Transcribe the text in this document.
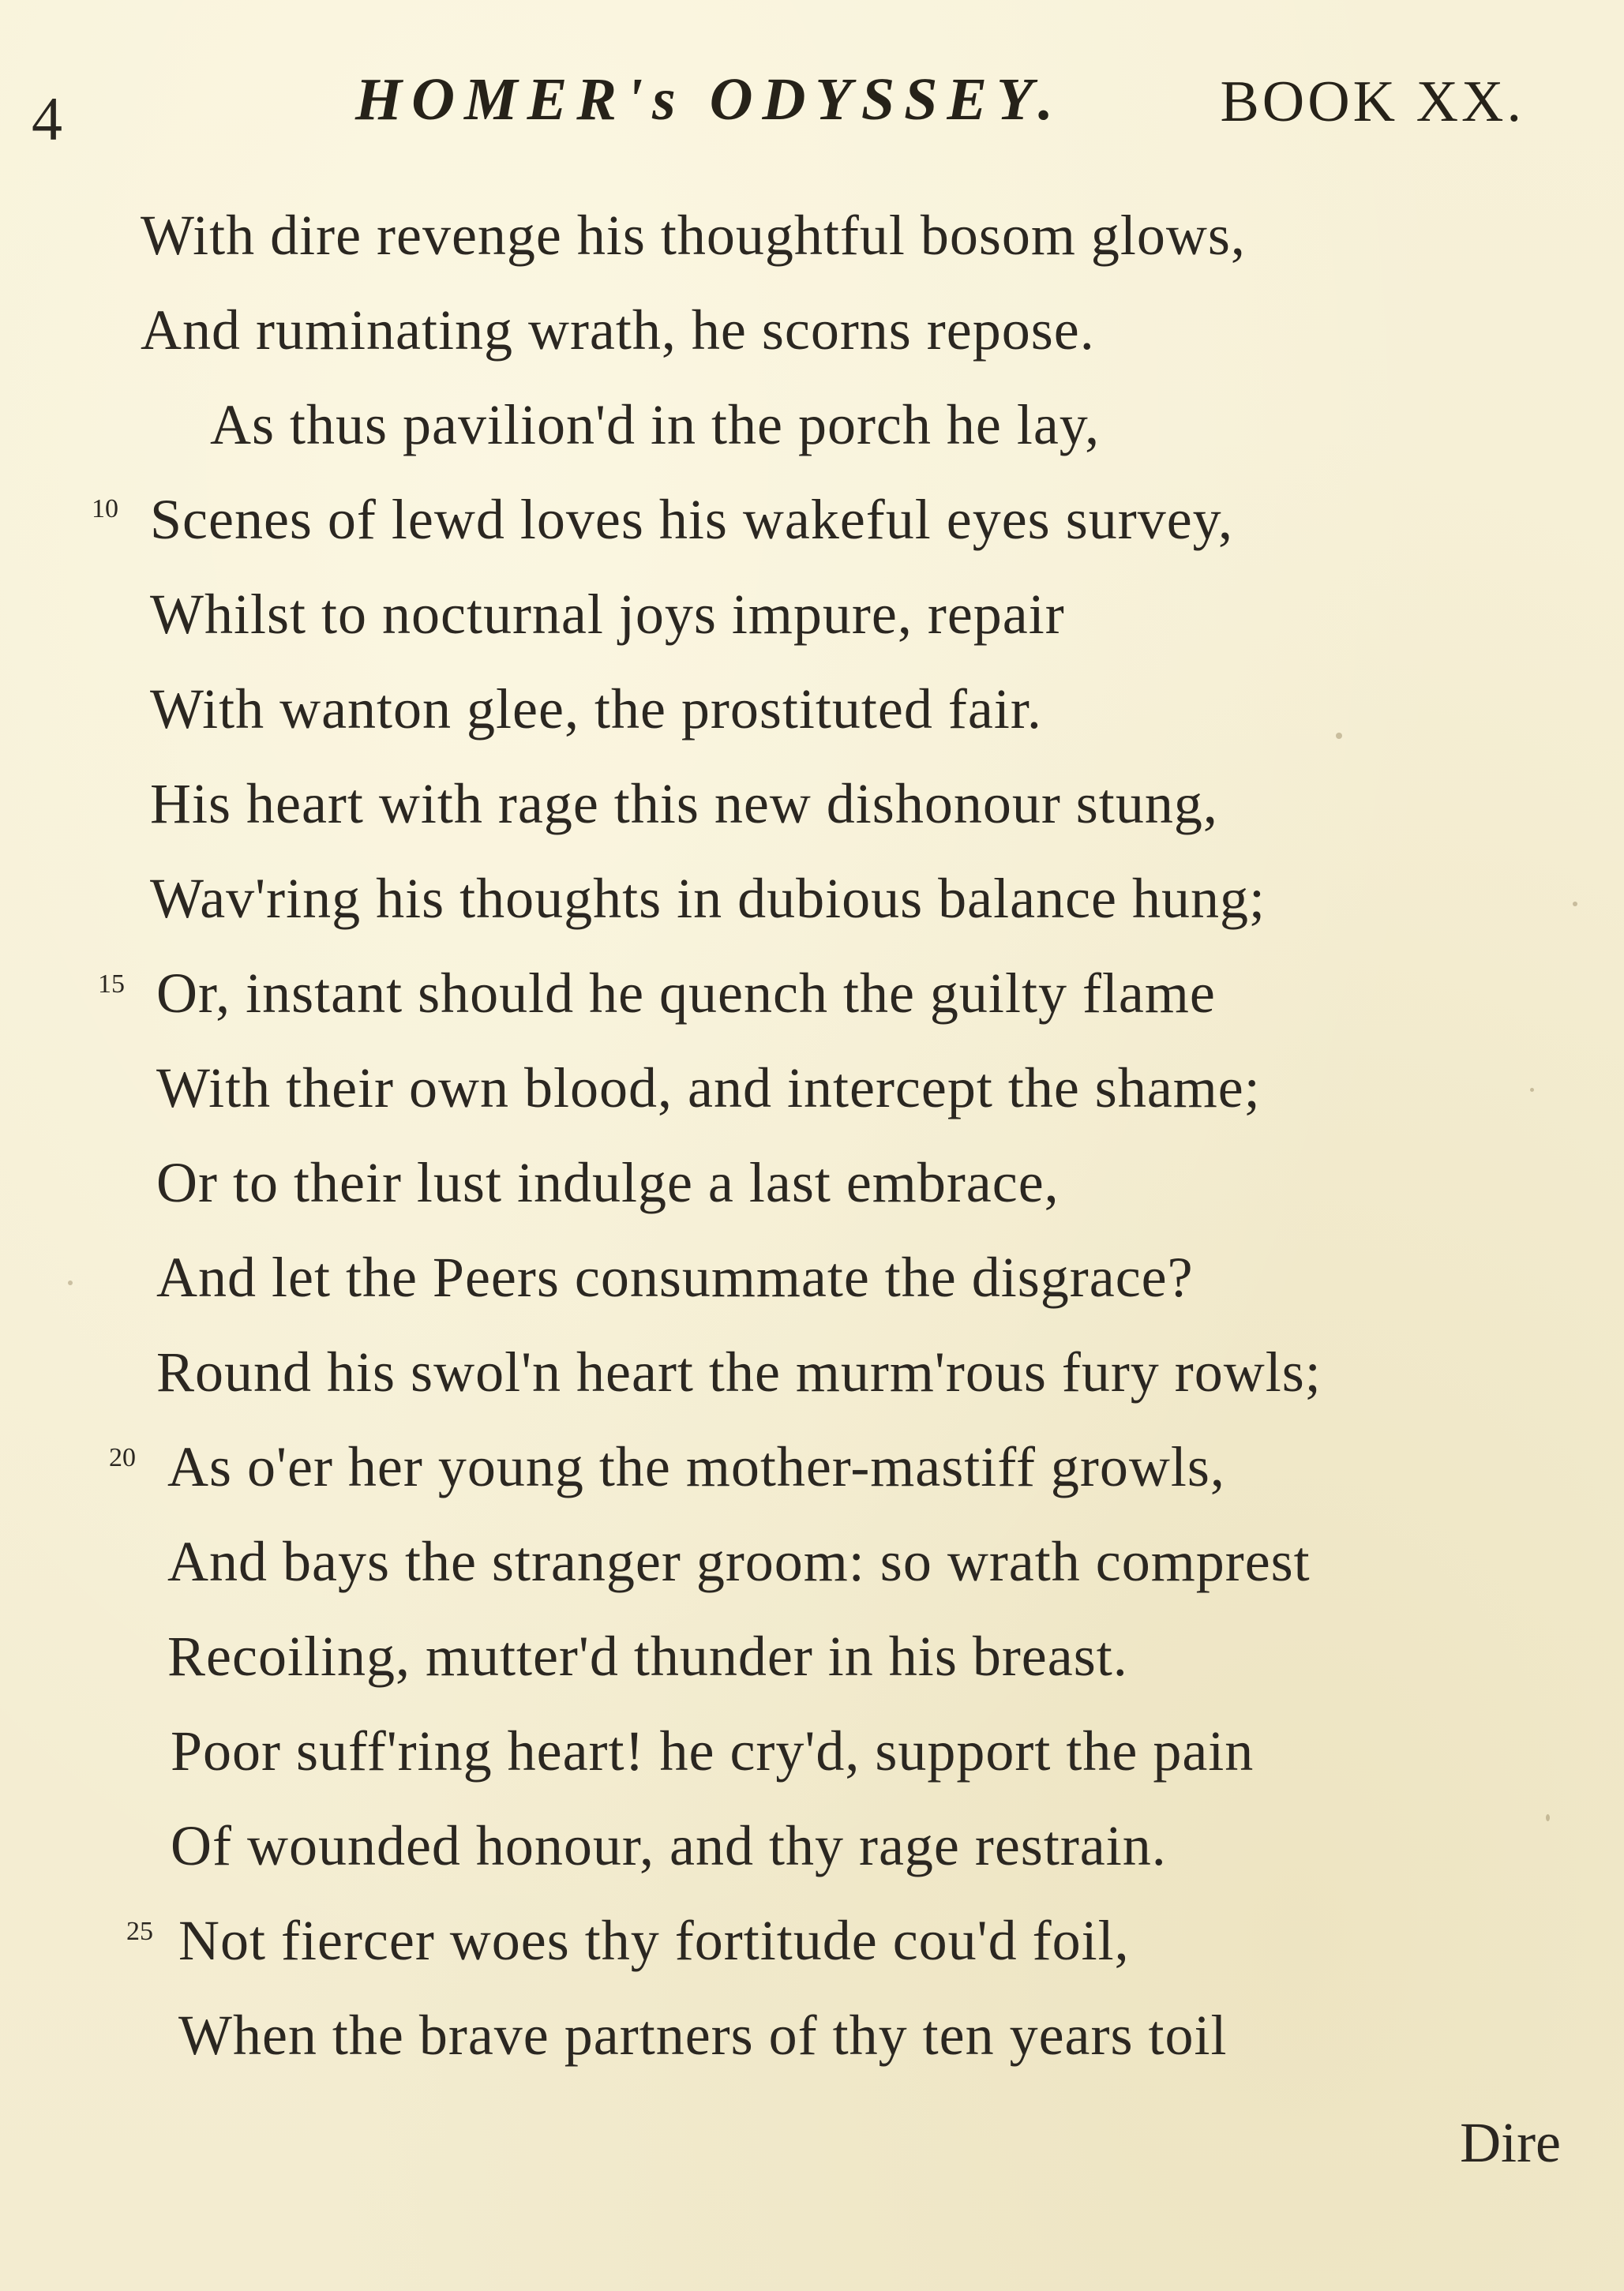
4	HOMER's ODYSSEY.	BOOK XX.
With dire revenge his thoughtful bosom glows,
And ruminating wrath, he scorns repose.
As thus pavilion'd in the porch he lay,
10 Scenes of lewd loves his wakeful eyes survey,
Whilst to nocturnal joys impure, repair
With wanton glee, the prostituted fair.
His heart with rage this new dishonour stung,
Wav'ring his thoughts in dubious balance hung;
15 Or, instant should he quench the guilty flame
With their own blood, and intercept the shame;
Or to their lust indulge a last embrace,
And let the Peers consummate the disgrace?
Round his swol'n heart the murm'rous fury rowls;
20 As o'er her young the mother-mastiff growls,
And bays the stranger groom: so wrath comprest
Recoiling, mutter'd thunder in his breast.
Poor suff'ring heart! he cry'd, support the pain
Of wounded honour, and thy rage restrain.
25 Not fiercer woes thy fortitude cou'd foil,
When the brave partners of thy ten years toil
Dire
